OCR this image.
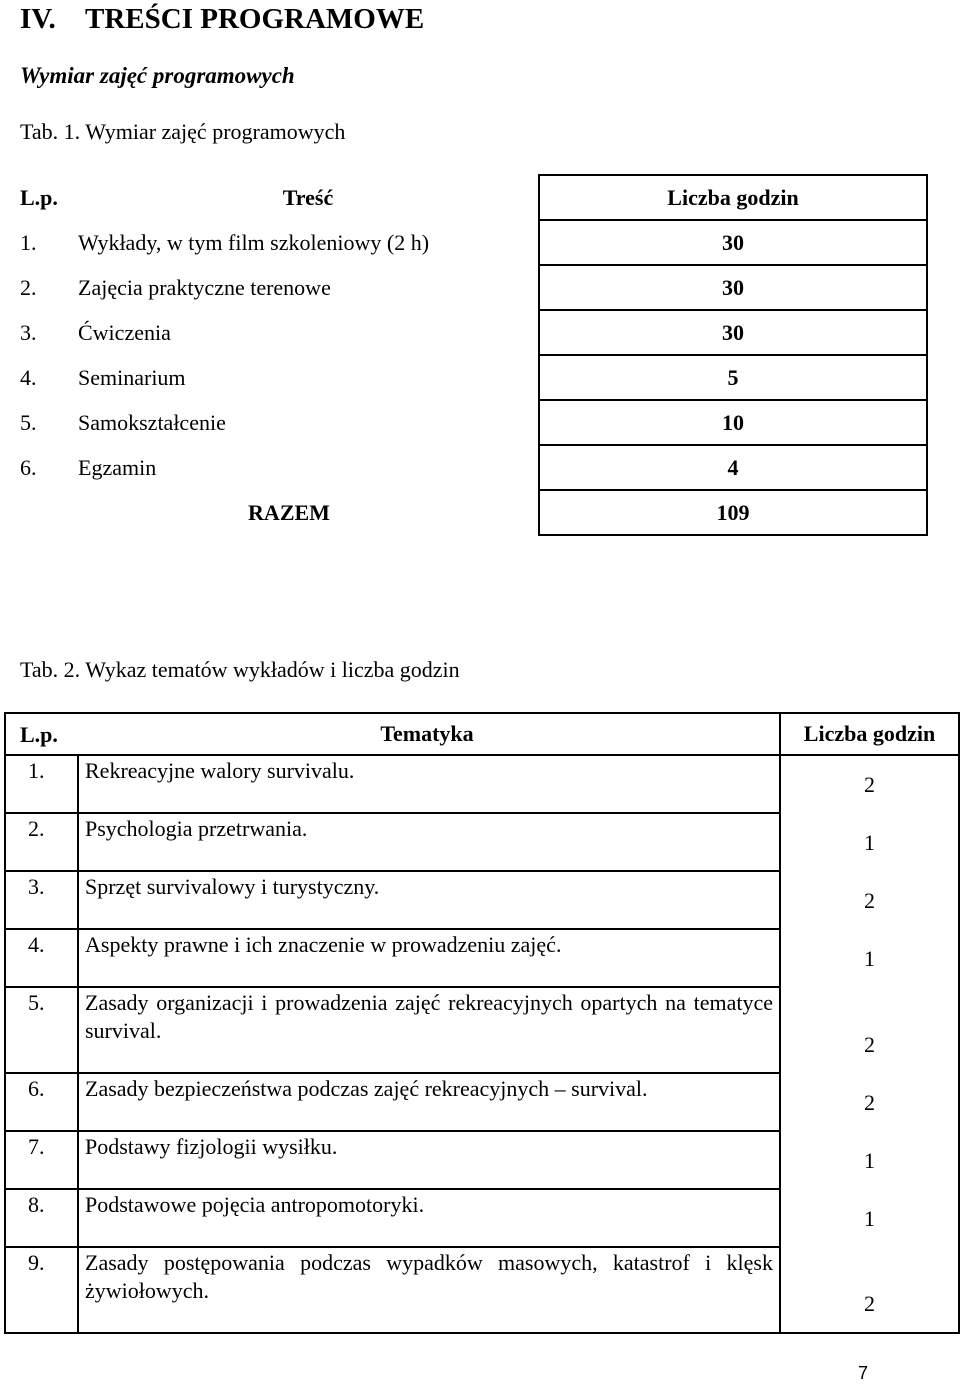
IV. TREŚCI PROGRAMOWE
Wymiar zajęć programowych
Tab. 1. Wymiar zajęć programowych
L.p.	Treść	Liczba godzin
1.	Wykłady, w tym film szkoleniowy (2 h)	30
2.	Zajęcia praktyczne terenowe	30
3.	Ćwiczenia	30
4.	Seminarium	5
5.	Samokształcenie	10
6.	Egzamin	4
RAZEM		109
Tab. 2. Wykaz tematów wykładów i liczba godzin
L.p. Tematyka	Liczba godzin

1. Rekreacyjne walory survivalu.	2

2. Psychologia przetrwania.	1

3. Sprzęt survivalowy i turystyczny.	2

4. Aspekty prawne i ich znaczenie w prowadzeniu zajęć.	1

5. Zasady organizacji i prowadzenia zajęć rekreacyjnych opartych na tematyce survival.	2

6. Zasady bezpieczeństwa podczas zajęć rekreacyjnych – survival.	2

7. Podstawy fizjologii wysiłku.	1

8. Podstawowe pojęcia antropomotoryki.	1

9. Zasady postępowania podczas wypadków masowych, katastrof i klęsk żywiołowych.	2
7
